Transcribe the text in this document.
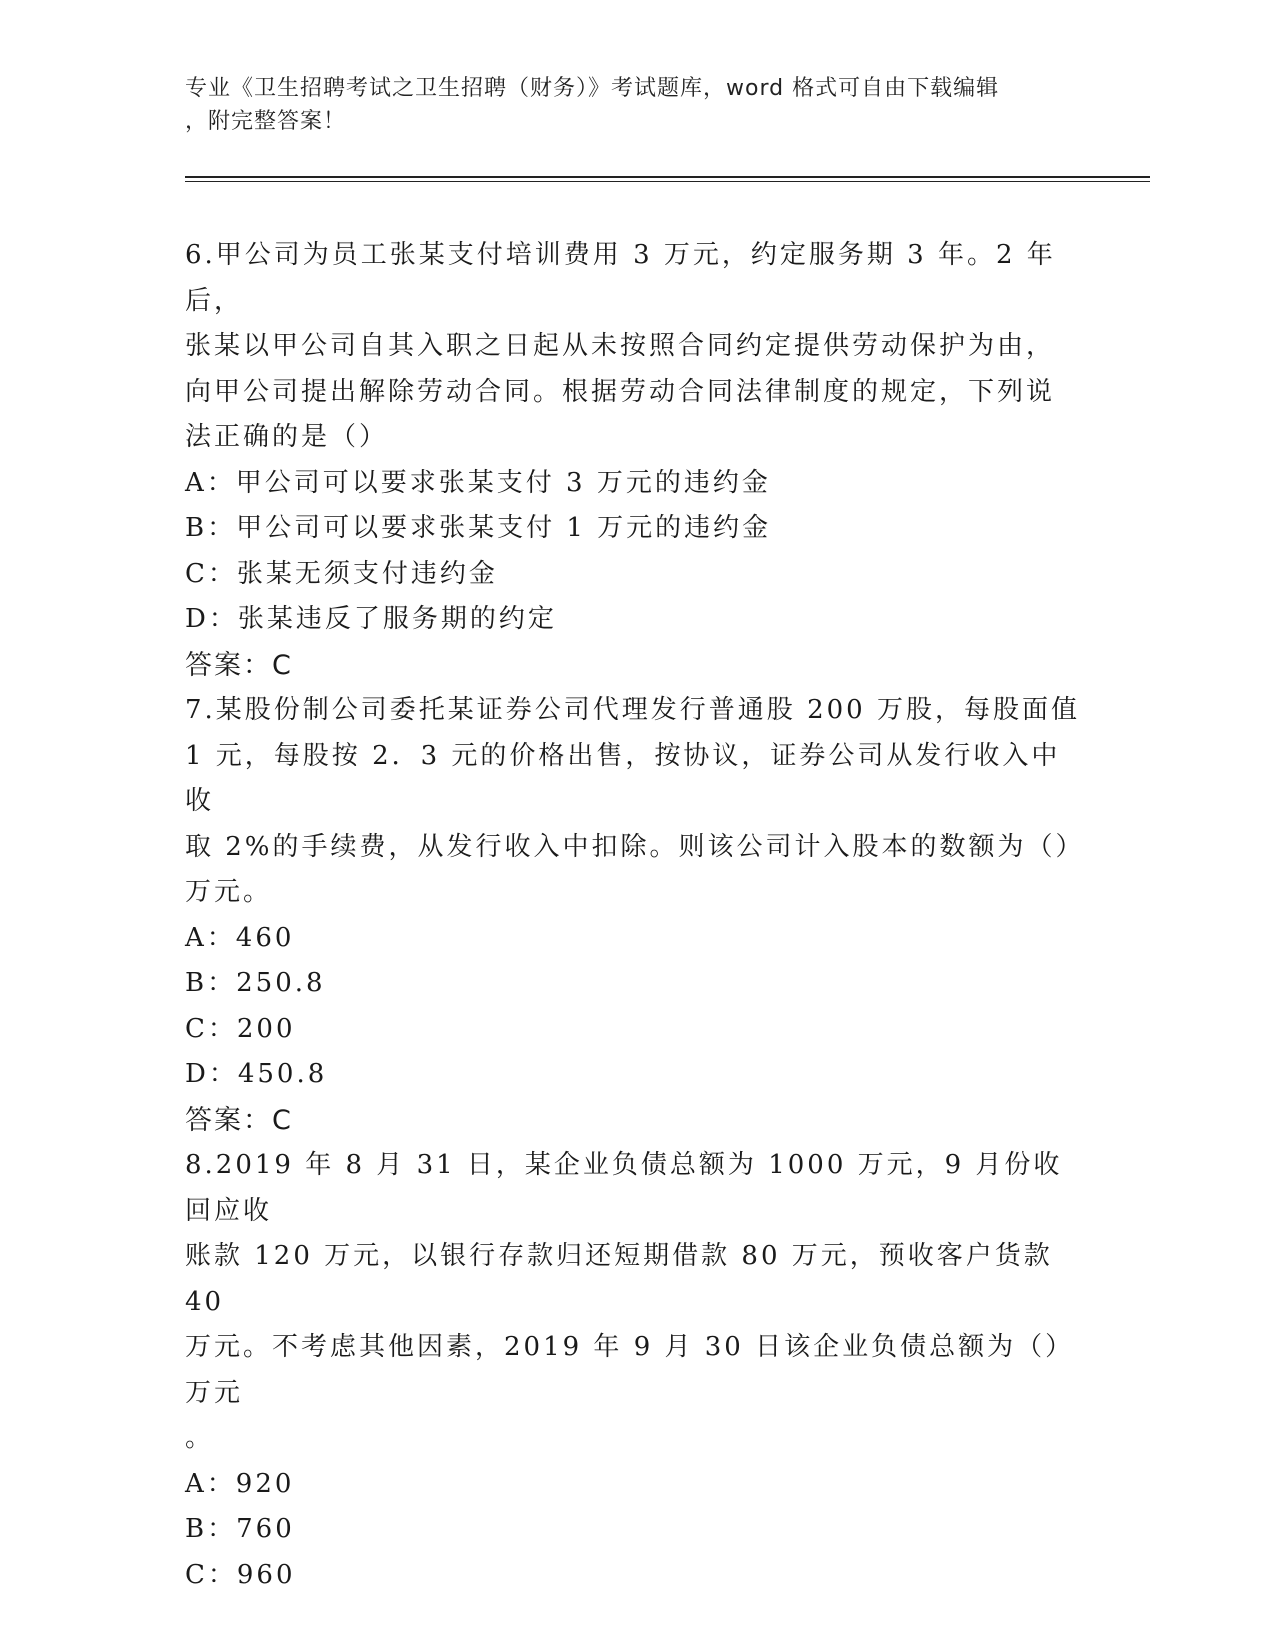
专业《卫生招聘考试之卫生招聘（财务）》考试题库，word 格式可自由下载编辑
，附完整答案！

6.甲公司为员工张某支付培训费用 3 万元，约定服务期 3 年。2 年后，

张某以甲公司自其入职之日起从未按照合同约定提供劳动保护为由，

向甲公司提出解除劳动合同。根据劳动合同法律制度的规定，下列说

法正确的是（）

A：甲公司可以要求张某支付 3 万元的违约金

B：甲公司可以要求张某支付 1 万元的违约金

C：张某无须支付违约金

D：张某违反了服务期的约定

答案：C

7.某股份制公司委托某证券公司代理发行普通股 200 万股，每股面值

1 元，每股按 2．3 元的价格出售，按协议，证券公司从发行收入中收

取 2%的手续费，从发行收入中扣除。则该公司计入股本的数额为（）

万元。

A：460

B：250.8

C：200

D：450.8

答案：C

8.2019 年 8 月 31 日，某企业负债总额为 1000 万元，9 月份收回应收

账款 120 万元，以银行存款归还短期借款 80 万元，预收客户货款 40

万元。不考虑其他因素，2019 年 9 月 30 日该企业负债总额为（）万元

。

A：920

B：760

C：960
